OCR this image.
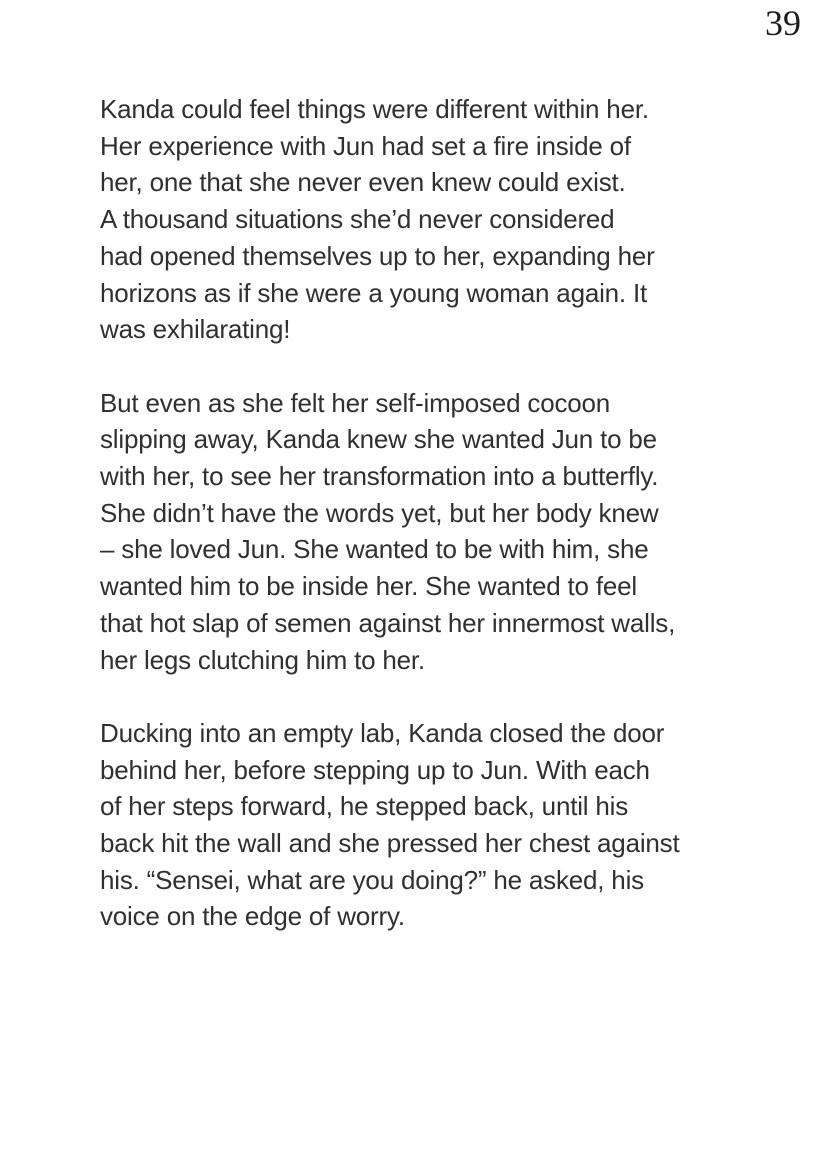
39

Kanda could feel things were different within her.
Her experience with Jun had set a fire inside of
her, one that she never even knew could exist.
A thousand situations she’d never considered
had opened themselves up to her, expanding her
horizons as if she were a young woman again. It
was exhilarating!

But even as she felt her self-imposed cocoon
slipping away, Kanda knew she wanted Jun to be
with her, to see her transformation into a butterfly.
She didn’t have the words yet, but her body knew
– she loved Jun. She wanted to be with him, she
wanted him to be inside her. She wanted to feel
that hot slap of semen against her innermost walls,
her legs clutching him to her.

Ducking into an empty lab, Kanda closed the door
behind her, before stepping up to Jun. With each
of her steps forward, he stepped back, until his
back hit the wall and she pressed her chest against
his. “Sensei, what are you doing?” he asked, his
voice on the edge of worry.
